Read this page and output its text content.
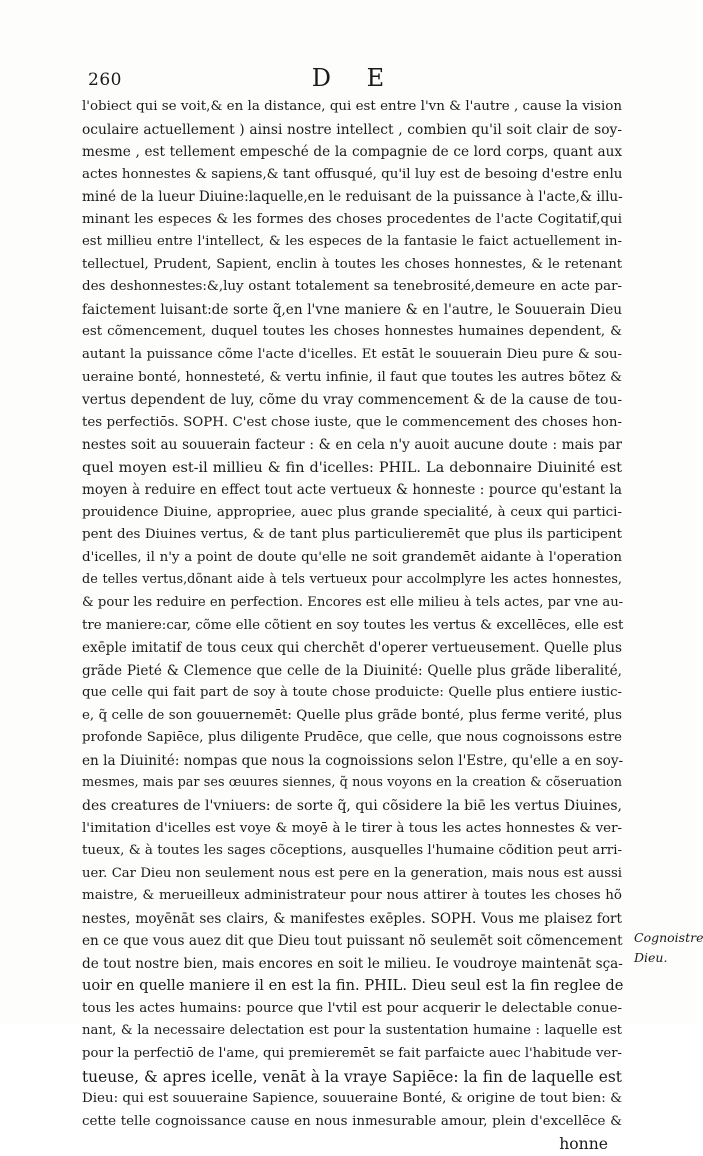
260	D E
l'obiect qui se voit,& en la distance, qui est entre l'vn & l'autre , cause la vision
oculaire actuellement ) ainsi nostre intellect , combien qu'il soit clair de soy-
mesme , est tellement empesché de la compagnie de ce lord corps, quant aux
actes honnestes & sapiens,& tant offusqué, qu'il luy est de besoing d'estre enlu
miné de la lueur Diuine:laquelle,en le reduisant de la puissance à l'acte,& illu-
minant les especes & les formes des choses procedentes de l'acte Cogitatif,qui
est millieu entre l'intellect, & les especes de la fantasie le faict actuellement in-
tellectuel, Prudent, Sapient, enclin à toutes les choses honnestes, & le retenant
des deshonnestes:&,luy ostant totalement sa tenebrosité,demeure en acte par-
faictement luisant:de sorte q̃,en l'vne maniere & en l'autre, le Souuerain Dieu
est cõmencement, duquel toutes les choses honnestes humaines dependent, &
autant la puissance cõme l'acte d'icelles. Et estāt le souuerain Dieu pure & sou-
ueraine bonté, honnesteté, & vertu infinie, il faut que toutes les autres bõtez &
vertus dependent de luy, cõme du vray commencement & de la cause de tou-
tes perfectiōs. SOPH. C'est chose iuste, que le commencement des choses hon-
nestes soit au souuerain facteur : & en cela n'y auoit aucune doute : mais par
quel moyen est-il millieu & fin d'icelles: PHIL. La debonnaire Diuinité est
moyen à reduire en effect tout acte vertueux & honneste : pource qu'estant la
prouidence Diuine, appropriee, auec plus grande specialité, à ceux qui partici-
pent des Diuines vertus, & de tant plus particulieremēt que plus ils participent
d'icelles, il n'y a point de doute qu'elle ne soit grandemēt aidante à l'operation
de telles vertus,dõnant aide à tels vertueux pour accolmplyre les actes honnestes,
& pour les reduire en perfection. Encores est elle milieu à tels actes, par vne au-
tre maniere:car, cõme elle cõtient en soy toutes les vertus & excellēces, elle est
exēple imitatif de tous ceux qui cherchēt d'operer vertueusement. Quelle plus
grãde Pieté & Clemence que celle de la Diuinité: Quelle plus grãde liberalité,
que celle qui fait part de soy à toute chose produicte: Quelle plus entiere iustic-
e, q̃ celle de son gouuernemēt: Quelle plus grãde bonté, plus ferme verité, plus
profonde Sapiēce, plus diligente Prudēce, que celle, que nous cognoissons estre
en la Diuinité: nompas que nous la cognoissions selon l'Estre, qu'elle a en soy-
mesmes, mais par ses œuures siennes, q̃ nous voyons en la creation & cõseruation
des creatures de l'vniuers: de sorte q̃, qui cõsidere la biē les vertus Diuines,
l'imitation d'icelles est voye & moyē à le tirer à tous les actes honnestes & ver-
tueux, & à toutes les sages cõceptions, ausquelles l'humaine cõdition peut arri-
uer. Car Dieu non seulement nous est pere en la generation, mais nous est aussi
maistre, & merueilleux administrateur pour nous attirer à toutes les choses hõ
nestes, moyēnāt ses clairs, & manifestes exēples. SOPH. Vous me plaisez fort
en ce que vous auez dit que Dieu tout puissant nõ seulemēt soit cõmencement
de tout nostre bien, mais encores en soit le milieu. Ie voudroye maintenāt sça-
uoir en quelle maniere il en est la fin. PHIL. Dieu seul est la fin reglee de
tous les actes humains: pource que l'vtil est pour acquerir le delectable conue-
nant, & la necessaire delectation est pour la sustentation humaine : laquelle est
pour la perfectiō de l'ame, qui premieremēt se fait parfaicte auec l'habitude ver-
tueuse, & apres icelle, venāt à la vraye Sapiēce: la fin de laquelle est
Dieu: qui est souueraine Sapience, souueraine Bonté, & origine de tout bien: &
cette telle cognoissance cause en nous inmesurable amour, plein d'excellēce &
honne
Cognoistre
Dieu.
